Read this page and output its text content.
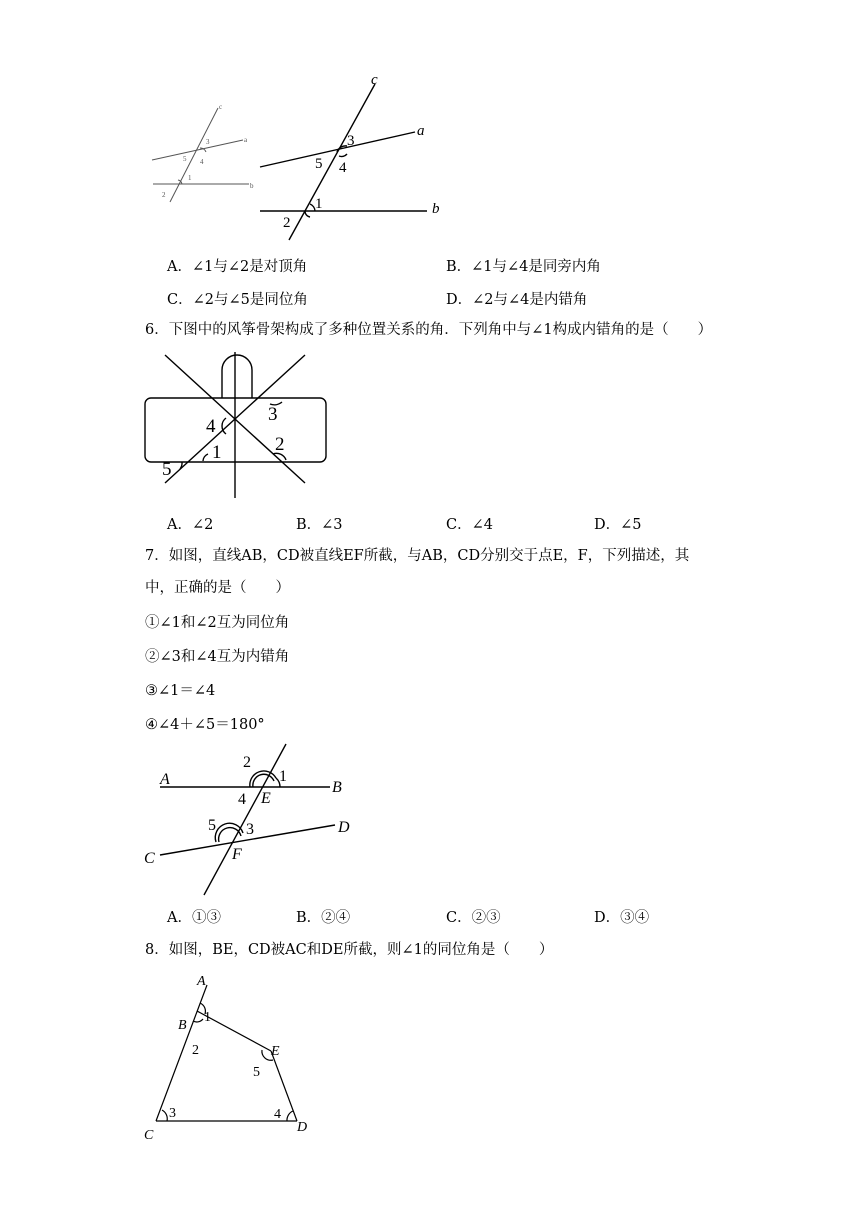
c
a
b
3
5 4
1
2
c
a
b
3
5 4
1
2
A．∠1与∠2是对顶角	B．∠1与∠4是同旁内角
C．∠2与∠5是同位角	D．∠2与∠4是内错角
6．下图中的风筝骨架构成了多种位置关系的角．下列角中与∠1构成内错角的是（　　）
4
3
2
1
5
A．∠2	B．∠3	C．∠4	D．∠5
7．如图，直线AB，CD被直线EF所截，与AB，CD分别交于点E，F，下列描述，其
中，正确的是（　　）
①∠1和∠2互为同位角
②∠3和∠4互为内错角
③∠1＝∠4
④∠4＋∠5＝180°
A	B
C
D
E
F
1
2
3
4
5
A．①③	B．②④	C．②③	D．③④
8．如图，BE，CD被AC和DE所截，则∠1的同位角是（　　）
A
B
C
D
E
1
2
3	4
5
